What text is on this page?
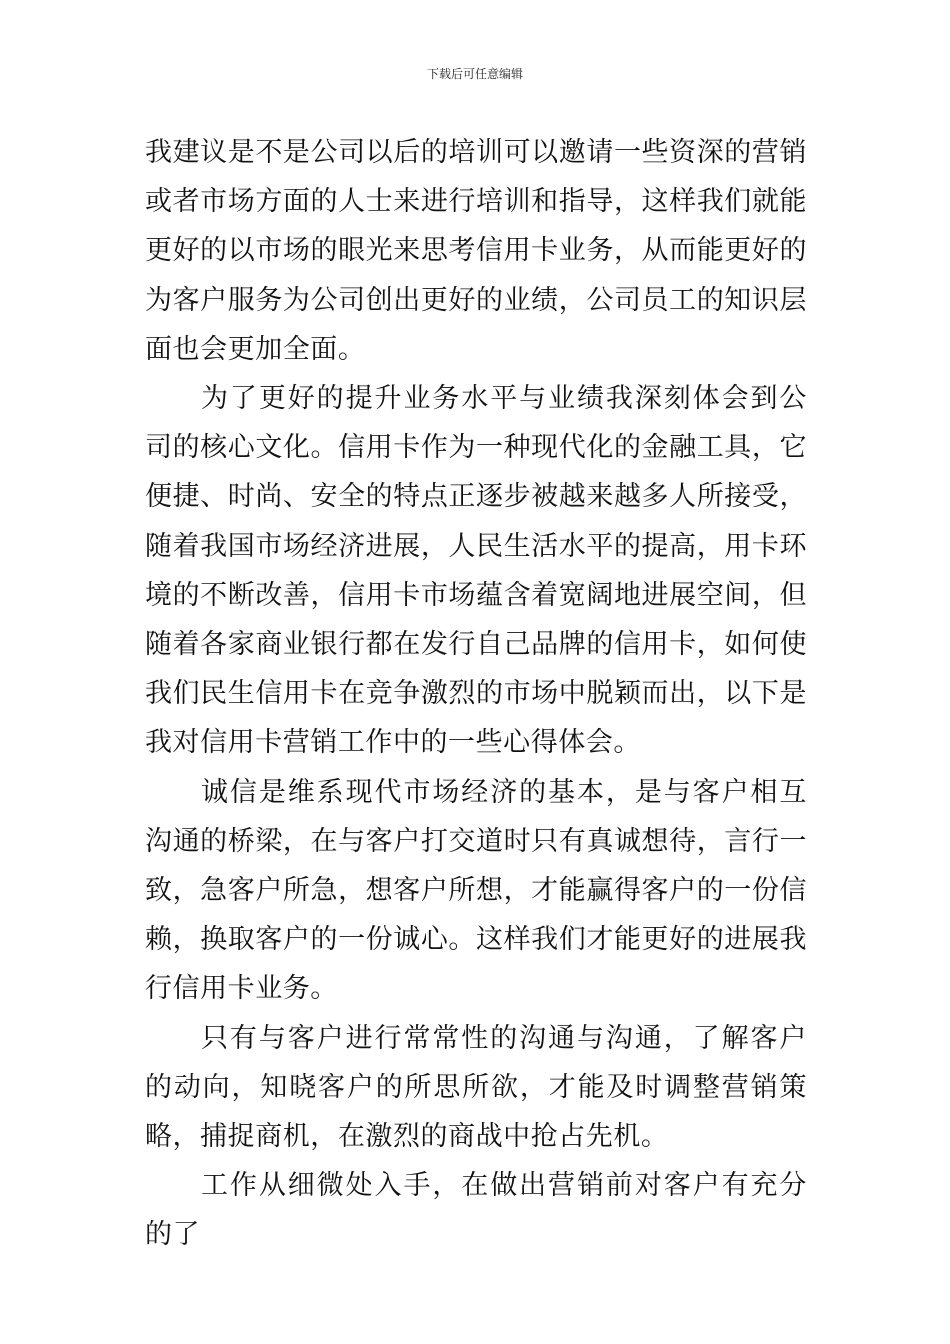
下载后可任意编辑

我建议是不是公司以后的培训可以邀请一些资深的营销或者市场方面的人士来进行培训和指导，这样我们就能更好的以市场的眼光来思考信用卡业务，从而能更好的为客户服务为公司创出更好的业绩，公司员工的知识层面也会更加全面。

为了更好的提升业务水平与业绩我深刻体会到公司的核心文化。信用卡作为一种现代化的金融工具，它便捷、时尚、安全的特点正逐步被越来越多人所接受，随着我国市场经济进展，人民生活水平的提高，用卡环境的不断改善，信用卡市场蕴含着宽阔地进展空间，但随着各家商业银行都在发行自己品牌的信用卡，如何使我们民生信用卡在竞争激烈的市场中脱颖而出，以下是我对信用卡营销工作中的一些心得体会。

诚信是维系现代市场经济的基本，是与客户相互沟通的桥梁，在与客户打交道时只有真诚想待，言行一致，急客户所急，想客户所想，才能赢得客户的一份信赖，换取客户的一份诚心。这样我们才能更好的进展我行信用卡业务。

只有与客户进行常常性的沟通与沟通，了解客户的动向，知晓客户的所思所欲，才能及时调整营销策略，捕捉商机，在激烈的商战中抢占先机。

工作从细微处入手，在做出营销前对客户有充分的了
